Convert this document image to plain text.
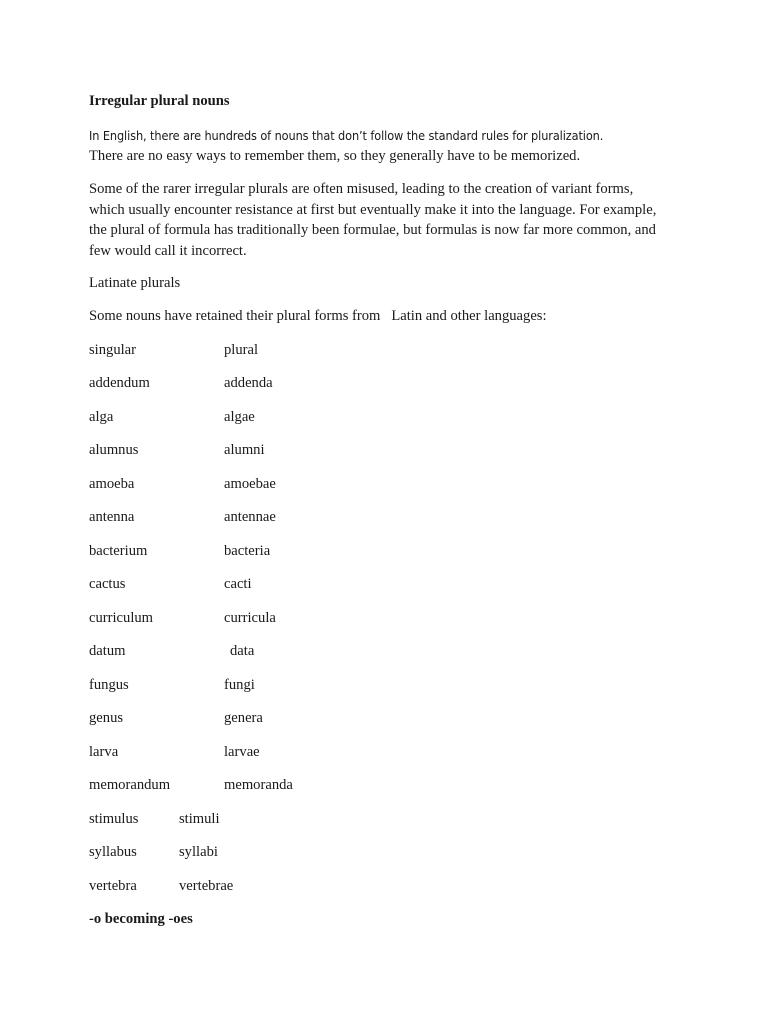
Irregular plural nouns

In English, there are hundreds of nouns that don’t follow the standard rules for pluralization.
There are no easy ways to remember them, so they generally have to be memorized.

Some of the rarer irregular plurals are often misused, leading to the creation of variant forms,
which usually encounter resistance at first but eventually make it into the language. For example,
the plural of formula has traditionally been formulae, but formulas is now far more common, and
few would call it incorrect.

Latinate plurals

Some nouns have retained their plural forms from   Latin and other languages:

singular	plural
addendum	addenda
alga	algae
alumnus	alumni
amoeba	amoebae
antenna	antennae
bacterium	bacteria
cactus	cacti
curriculum	curricula
datum	data
fungus	fungi
genus	genera
larva	larvae
memorandum	memoranda
stimulus	stimuli
syllabus	syllabi
vertebra	vertebrae

-o becoming -oes
